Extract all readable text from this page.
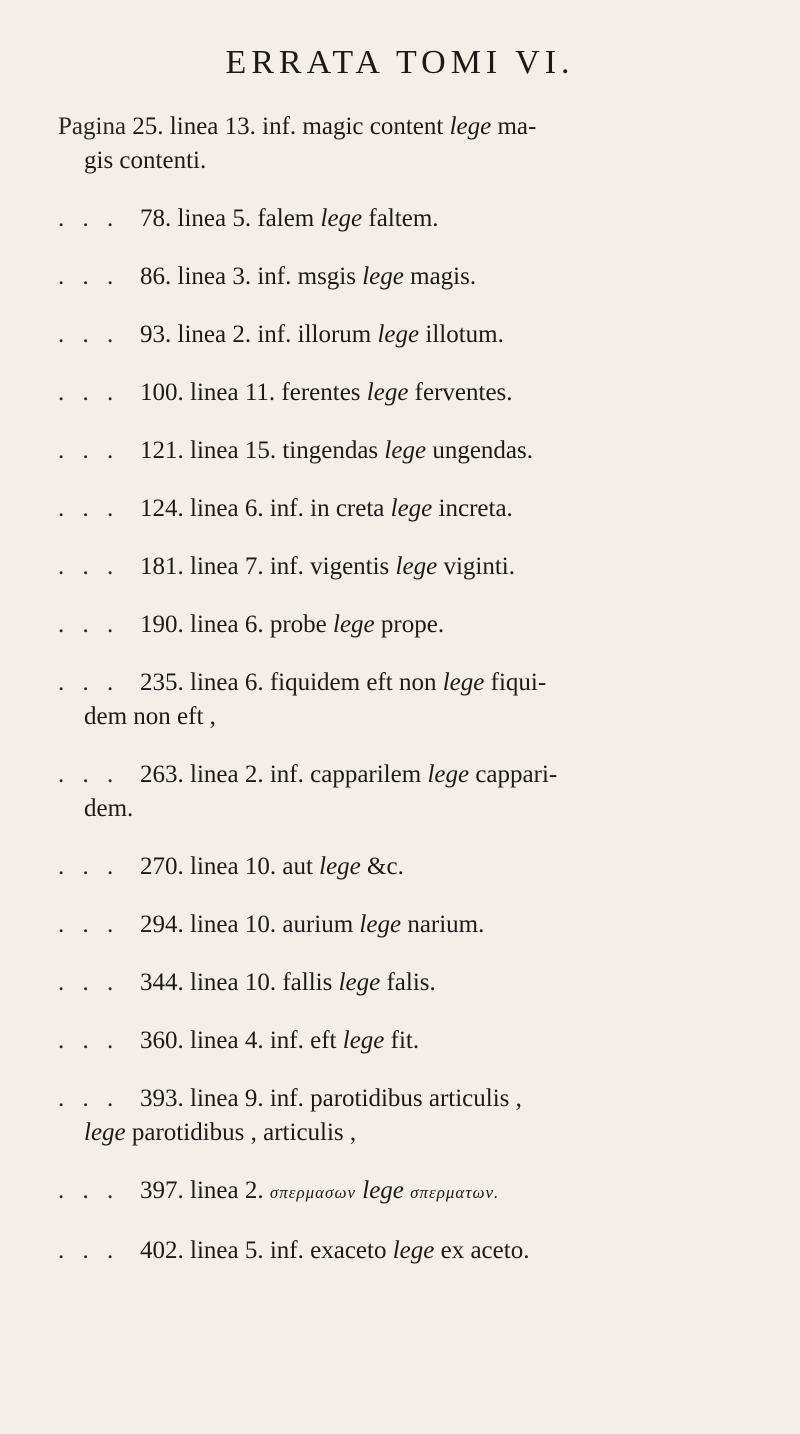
ERRATA TOMI VI.
Pagina 25. linea 13. inf. magic content lege ma-
gis contenti.
. . . 78. linea 5. falem lege faltem.
. . . 86. linea 3. inf. msgis lege magis.
. . . 93. linea 2. inf. illorum lege illotum.
. . . 100. linea 11. ferentes lege ferventes.
. . . 121. linea 15. tingendas lege ungendas.
. . . 124. linea 6. inf. in creta lege increta.
. . . 181. linea 7. inf. vigentis lege viginti.
. . . 190. linea 6. probe lege prope.
. . . 235. linea 6. fiquidem eft non lege fiqui-
dem non eft ,
. . . 263. linea 2. inf. capparilem lege cappari-
dem.
. . . 270. linea 10. aut lege &c.
. . . 294. linea 10. aurium lege narium.
. . . 344. linea 10. fallis lege falis.
. . . 360. linea 4. inf. eft lege fit.
. . . 393. linea 9. inf. parotidibus articulis ,
lege parotidibus , articulis ,
. . . 397. linea 2. σπερμασων lege σπερματων.
. . . 402. linea 5. inf. exaceto lege ex aceto.
